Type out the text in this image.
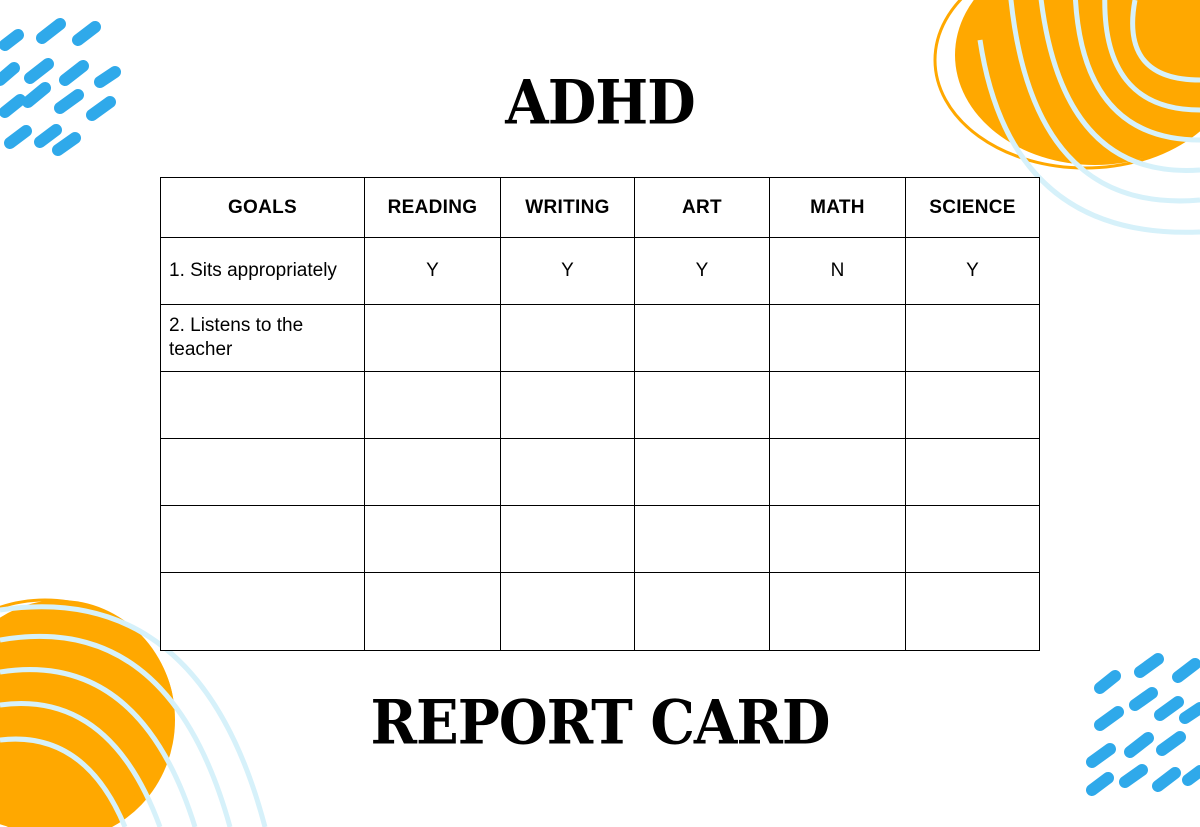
ADHD
GOALS	READING	WRITING	ART	MATH	SCIENCE
1. Sits appropriately	Y	Y	Y	N	Y
2. Listens to the teacher					

REPORT CARD
